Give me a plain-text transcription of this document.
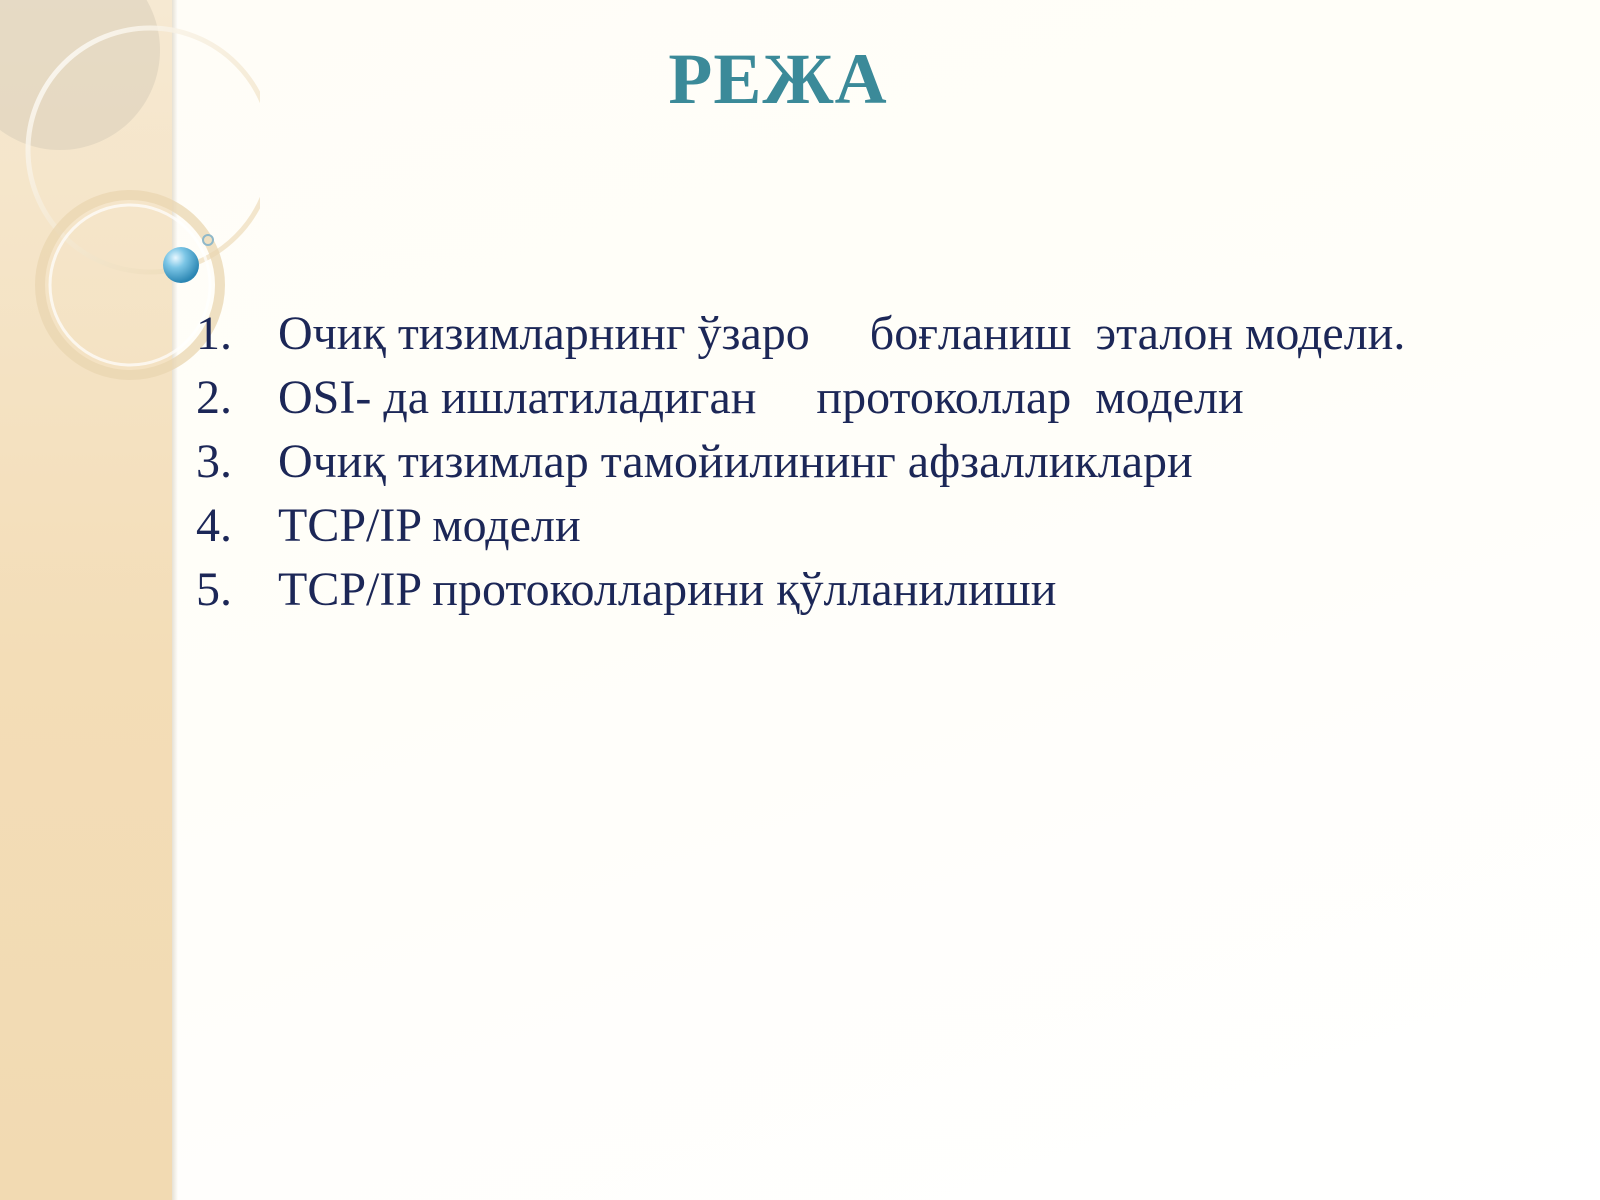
РЕЖА
1. Очиқ тизимларнинг ўзаро     боғланиш  эталон модели.
2. OSI- да ишлатиладиган     протоколлар  модели
3. Очиқ тизимлар тамойилининг афзалликлари
4. TCP/IP модели
5. TCP/IP протоколларини қўлланилиши
